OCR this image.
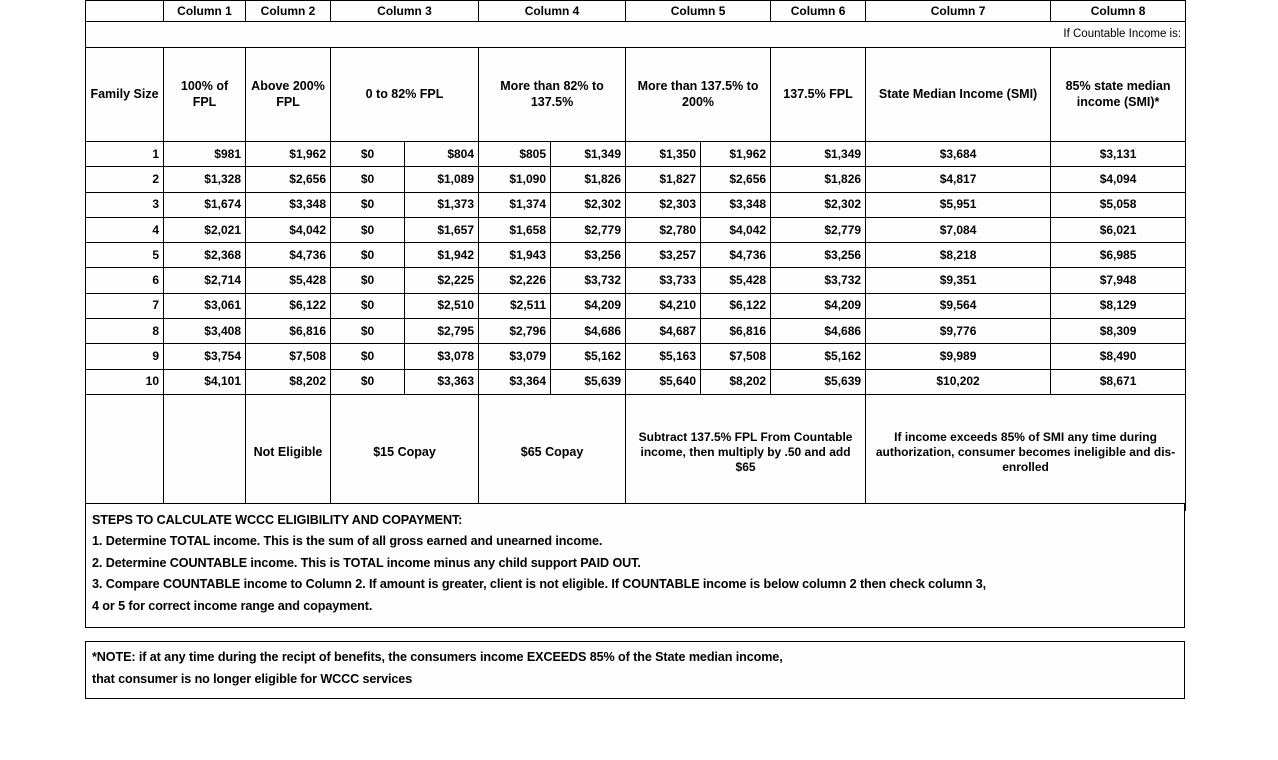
	Column 1	Column 2	Column 3		Column 4		Column 5		Column 6	Column 7	Column 8
If Countable Income is:											
Family Size	100% of FPL	Above 200% FPL	0 to 82% FPL		More than 82% to 137.5%		More than 137.5% to 200%		137.5% FPL	State Median Income (SMI)	85% state median income (SMI)*
1	$981	$1,962	$0	$804	$805	$1,349	$1,350	$1,962	$1,349	$3,684	$3,131
2	$1,328	$2,656	$0	$1,089	$1,090	$1,826	$1,827	$2,656	$1,826	$4,817	$4,094
3	$1,674	$3,348	$0	$1,373	$1,374	$2,302	$2,303	$3,348	$2,302	$5,951	$5,058
4	$2,021	$4,042	$0	$1,657	$1,658	$2,779	$2,780	$4,042	$2,779	$7,084	$6,021
5	$2,368	$4,736	$0	$1,942	$1,943	$3,256	$3,257	$4,736	$3,256	$8,218	$6,985
6	$2,714	$5,428	$0	$2,225	$2,226	$3,732	$3,733	$5,428	$3,732	$9,351	$7,948
7	$3,061	$6,122	$0	$2,510	$2,511	$4,209	$4,210	$6,122	$4,209	$9,564	$8,129
8	$3,408	$6,816	$0	$2,795	$2,796	$4,686	$4,687	$6,816	$4,686	$9,776	$8,309
9	$3,754	$7,508	$0	$3,078	$3,079	$5,162	$5,163	$7,508	$5,162	$9,989	$8,490
10	$4,101	$8,202	$0	$3,363	$3,364	$5,639	$5,640	$8,202	$5,639	$10,202	$8,671
		Not Eligible	$15 Copay		$65 Copay		Subtract 137.5% FPL From Countable income, then multiply by .50 and add $65			If income exceeds 85% of SMI any time during authorization, consumer becomes ineligible and dis-enrolled	

STEPS TO CALCULATE WCCC ELIGIBILITY AND COPAYMENT:

1. Determine TOTAL income. This is the sum of all gross earned and unearned income.

2. Determine COUNTABLE income. This is TOTAL income minus any child support PAID OUT.

3. Compare COUNTABLE income to Column 2. If amount is greater, client is not eligible. If COUNTABLE income is below column 2 then check column 3,

4 or 5 for correct income range and copayment.

*NOTE: if at any time during the recipt of benefits, the consumers income EXCEEDS 85% of the State median income,

that consumer is no longer eligible for WCCC services
